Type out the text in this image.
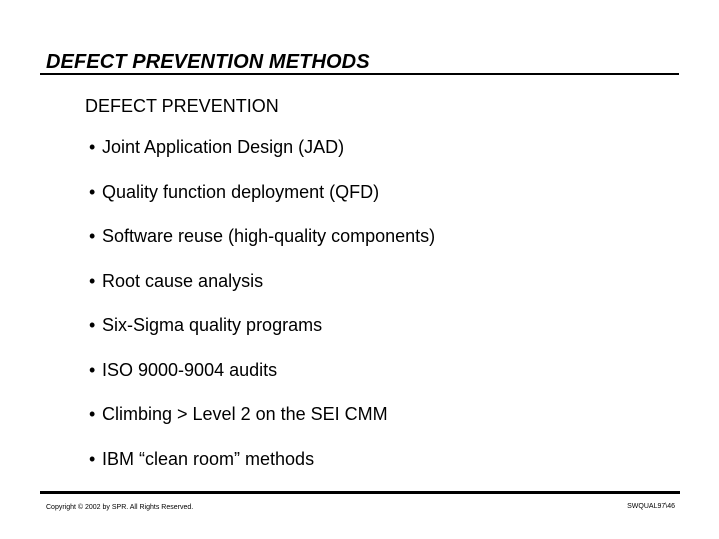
DEFECT PREVENTION METHODS
DEFECT PREVENTION
• Joint Application Design (JAD)
• Quality function deployment (QFD)
• Software reuse (high-quality components)
• Root cause analysis
• Six-Sigma quality programs
• ISO 9000-9004 audits
• Climbing > Level 2 on the SEI CMM
• IBM “clean room” methods
Copyright © 2002 by SPR. All Rights Reserved.	SWQUAL97\46
